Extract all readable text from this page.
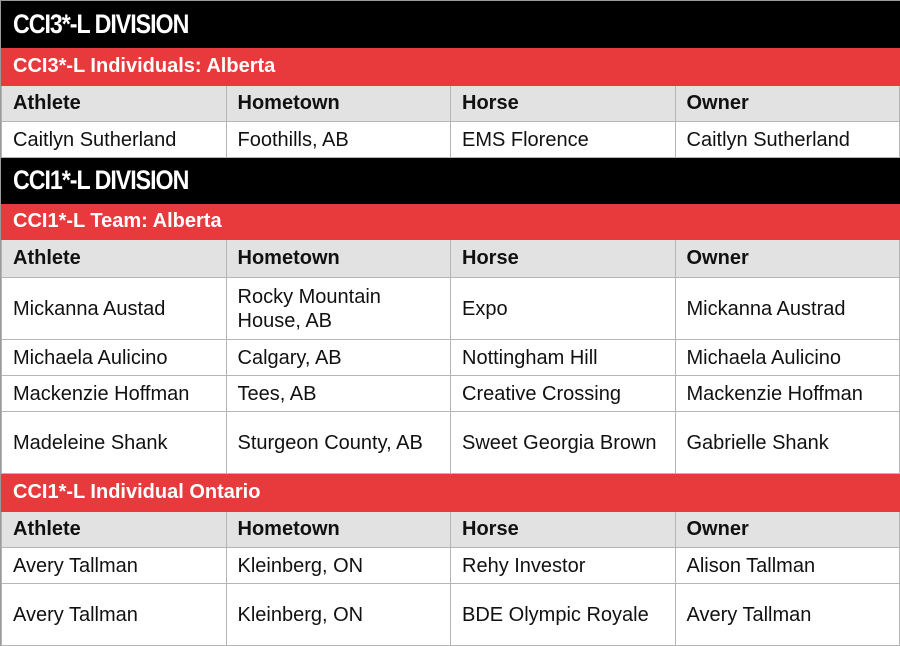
CCI3*-L DIVISION			
CCI3*-L Individuals: Alberta			
Athlete	Hometown	Horse	Owner
Caitlyn Sutherland	Foothills, AB	EMS Florence	Caitlyn Sutherland
CCI1*-L DIVISION			
CCI1*-L Team: Alberta			
Athlete	Hometown	Horse	Owner
Mickanna Austad	Rocky Mountain House, AB	Expo	Mickanna Austrad
Michaela Aulicino	Calgary, AB	Nottingham Hill	Michaela Aulicino
Mackenzie Hoffman	Tees, AB	Creative Crossing	Mackenzie Hoffman
Madeleine Shank	Sturgeon County, AB	Sweet Georgia Brown	Gabrielle Shank
CCI1*-L Individual Ontario			
Athlete	Hometown	Horse	Owner
Avery Tallman	Kleinberg, ON	Rehy Investor	Alison Tallman
Avery Tallman	Kleinberg, ON	BDE Olympic Royale	Avery Tallman
